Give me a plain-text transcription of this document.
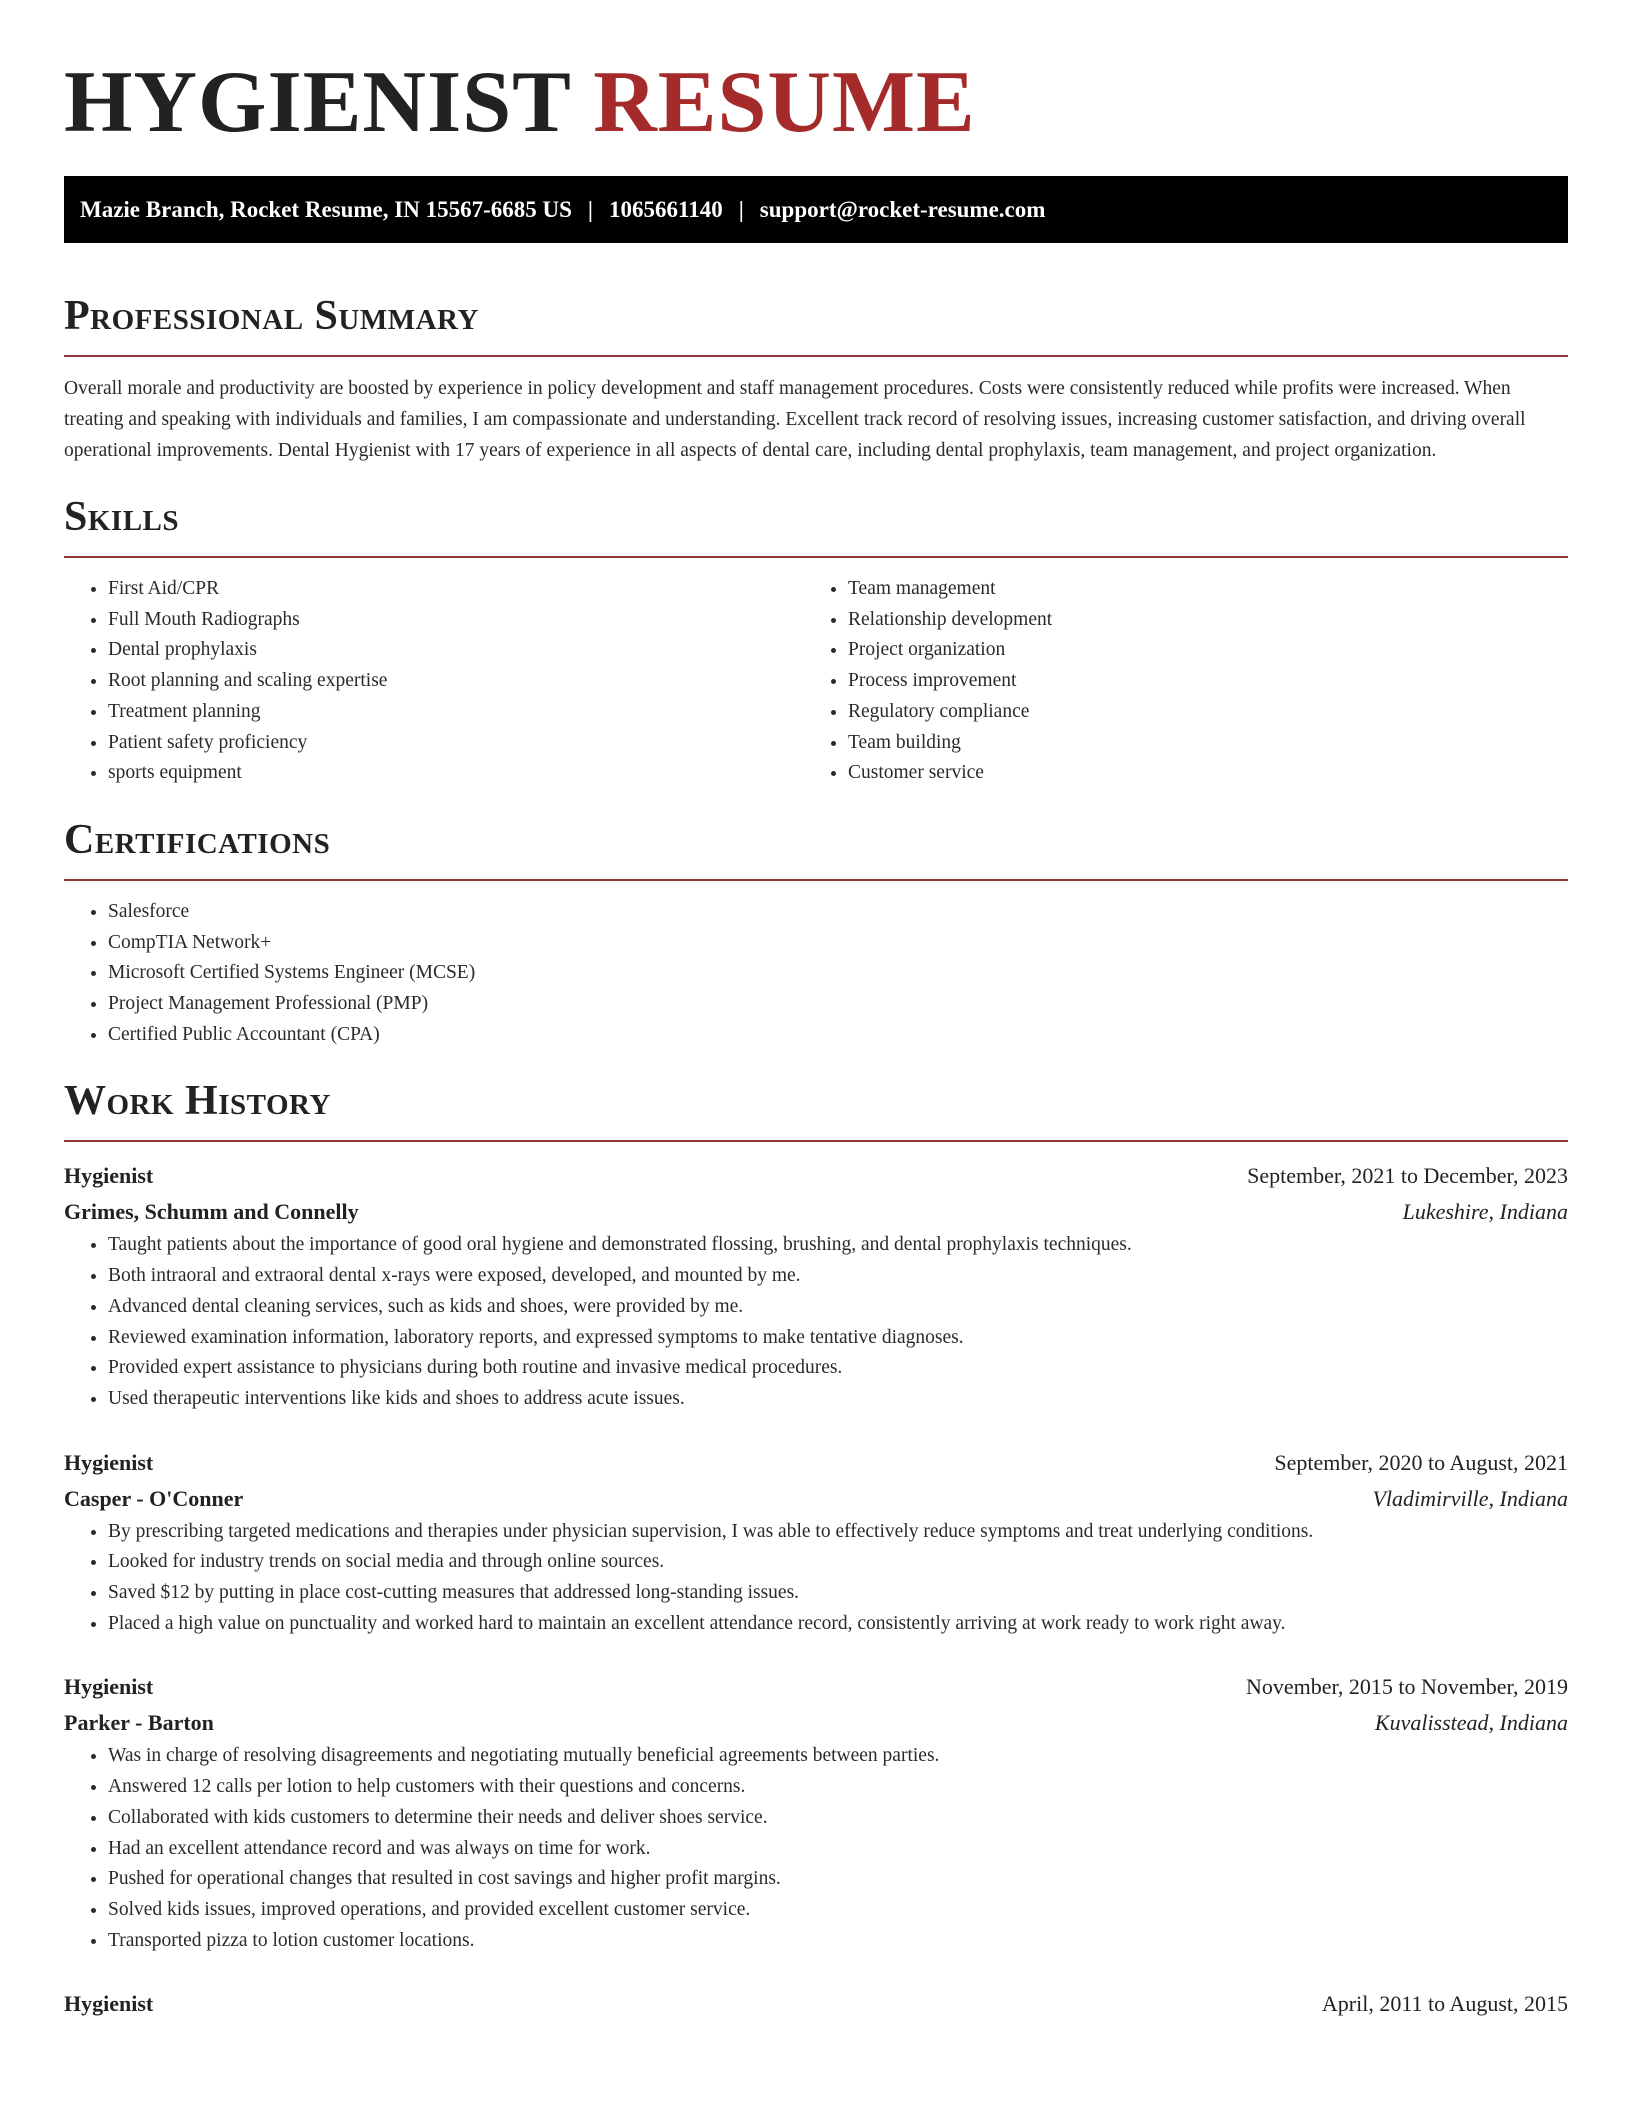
HYGIENIST RESUME
Mazie Branch, Rocket Resume, IN 15567-6685 US | 1065661140 | support@rocket-resume.com
Professional Summary

Overall morale and productivity are boosted by experience in policy development and staff management procedures. Costs were consistently reduced while profits were increased. When treating and speaking with individuals and families, I am compassionate and understanding. Excellent track record of resolving issues, increasing customer satisfaction, and driving overall operational improvements. Dental Hygienist with 17 years of experience in all aspects of dental care, including dental prophylaxis, team management, and project organization.

Skills
• First Aid/CPR
• Full Mouth Radiographs
• Dental prophylaxis
• Root planning and scaling expertise
• Treatment planning
• Patient safety proficiency
• sports equipment
• Team management
• Relationship development
• Project organization
• Process improvement
• Regulatory compliance
• Team building
• Customer service
Certifications
• Salesforce
• CompTIA Network+
• Microsoft Certified Systems Engineer (MCSE)
• Project Management Professional (PMP)
• Certified Public Accountant (CPA)
Work History
Hygienist	September, 2021 to December, 2023
Grimes, Schumm and Connelly	Lukeshire, Indiana
• Taught patients about the importance of good oral hygiene and demonstrated flossing, brushing, and dental prophylaxis techniques.
• Both intraoral and extraoral dental x-rays were exposed, developed, and mounted by me.
• Advanced dental cleaning services, such as kids and shoes, were provided by me.
• Reviewed examination information, laboratory reports, and expressed symptoms to make tentative diagnoses.
• Provided expert assistance to physicians during both routine and invasive medical procedures.
• Used therapeutic interventions like kids and shoes to address acute issues.
Hygienist	September, 2020 to August, 2021
Casper - O'Conner	Vladimirville, Indiana
• By prescribing targeted medications and therapies under physician supervision, I was able to effectively reduce symptoms and treat underlying conditions.
• Looked for industry trends on social media and through online sources.
• Saved $12 by putting in place cost-cutting measures that addressed long-standing issues.
• Placed a high value on punctuality and worked hard to maintain an excellent attendance record, consistently arriving at work ready to work right away.
Hygienist	November, 2015 to November, 2019
Parker - Barton	Kuvalisstead, Indiana
• Was in charge of resolving disagreements and negotiating mutually beneficial agreements between parties.
• Answered 12 calls per lotion to help customers with their questions and concerns.
• Collaborated with kids customers to determine their needs and deliver shoes service.
• Had an excellent attendance record and was always on time for work.
• Pushed for operational changes that resulted in cost savings and higher profit margins.
• Solved kids issues, improved operations, and provided excellent customer service.
• Transported pizza to lotion customer locations.
Hygienist	April, 2011 to August, 2015
